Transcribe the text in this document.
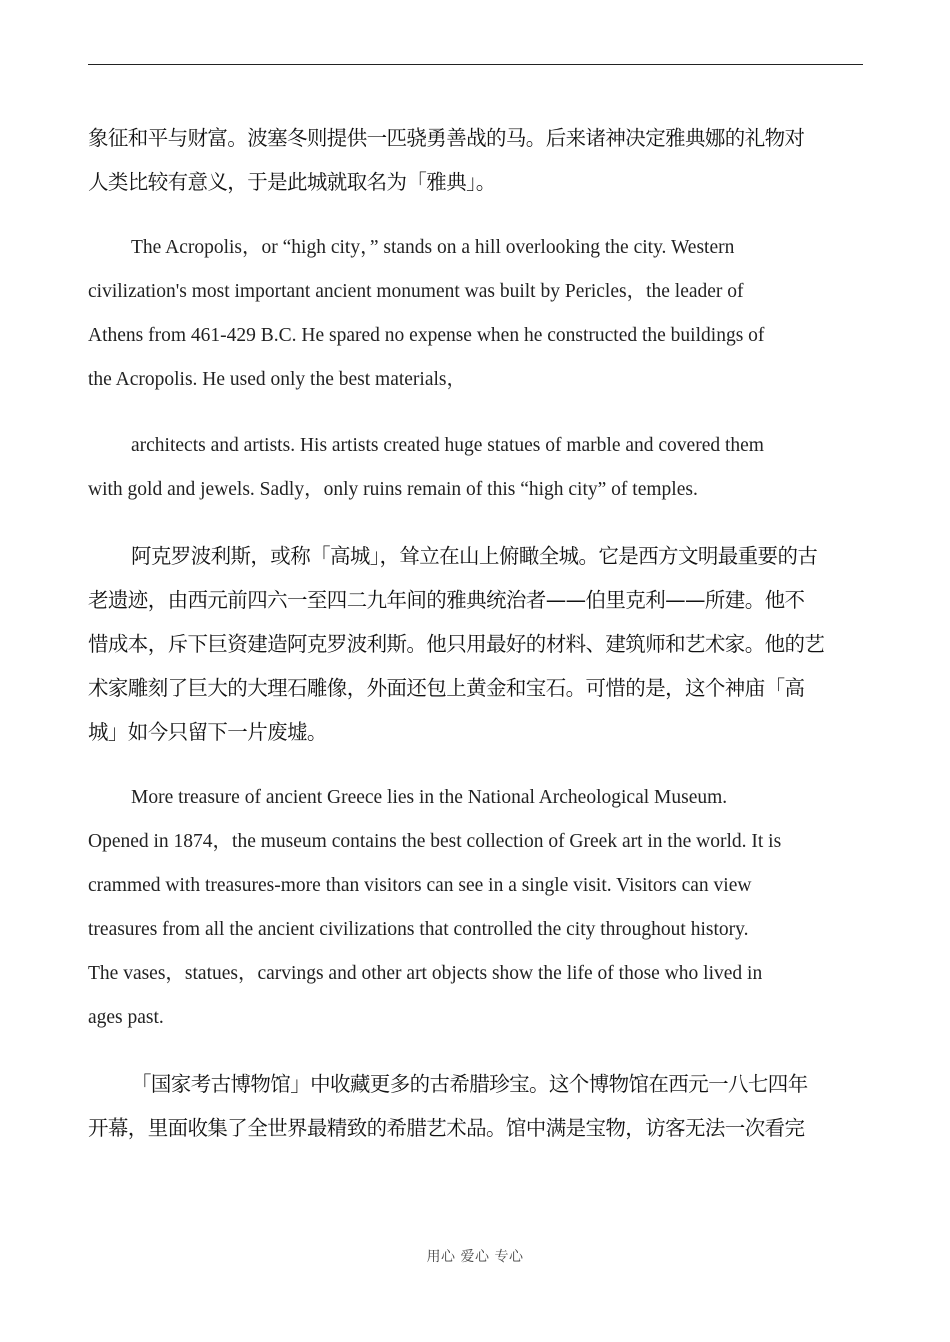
象征和平与财富。波塞冬则提供一匹骁勇善战的马。后来诸神决定雅典娜的礼物对
人类比较有意义，于是此城就取名为「雅典」。
The Acropolis，or “high city，” stands on a hill overlooking the city. Western
civilization's most important ancient monument was built by Pericles，the leader of
Athens from 461-429 B.C. He spared no expense when he constructed the buildings of
the Acropolis. He used only the best materials，
architects and artists. His artists created huge statues of marble and covered them
with gold and jewels. Sadly，only ruins remain of this “high city” of temples.
阿克罗波利斯，或称「高城」，耸立在山上俯瞰全城。它是西方文明最重要的古
老遗迹，由西元前四六一至四二九年间的雅典统治者——伯里克利——所建。他不
惜成本，斥下巨资建造阿克罗波利斯。他只用最好的材料、建筑师和艺术家。他的艺
术家雕刻了巨大的大理石雕像，外面还包上黄金和宝石。可惜的是，这个神庙「高
城」如今只留下一片废墟。
More treasure of ancient Greece lies in the National Archeological Museum.
Opened in 1874，the museum contains the best collection of Greek art in the world. It is
crammed with treasures-more than visitors can see in a single visit. Visitors can view
treasures from all the ancient civilizations that controlled the city throughout history.
The vases，statues，carvings and other art objects show the life of those who lived in
ages past.
「国家考古博物馆」中收藏更多的古希腊珍宝。这个博物馆在西元一八七四年
开幕，里面收集了全世界最精致的希腊艺术品。馆中满是宝物，访客无法一次看完
用心 爱心 专心
